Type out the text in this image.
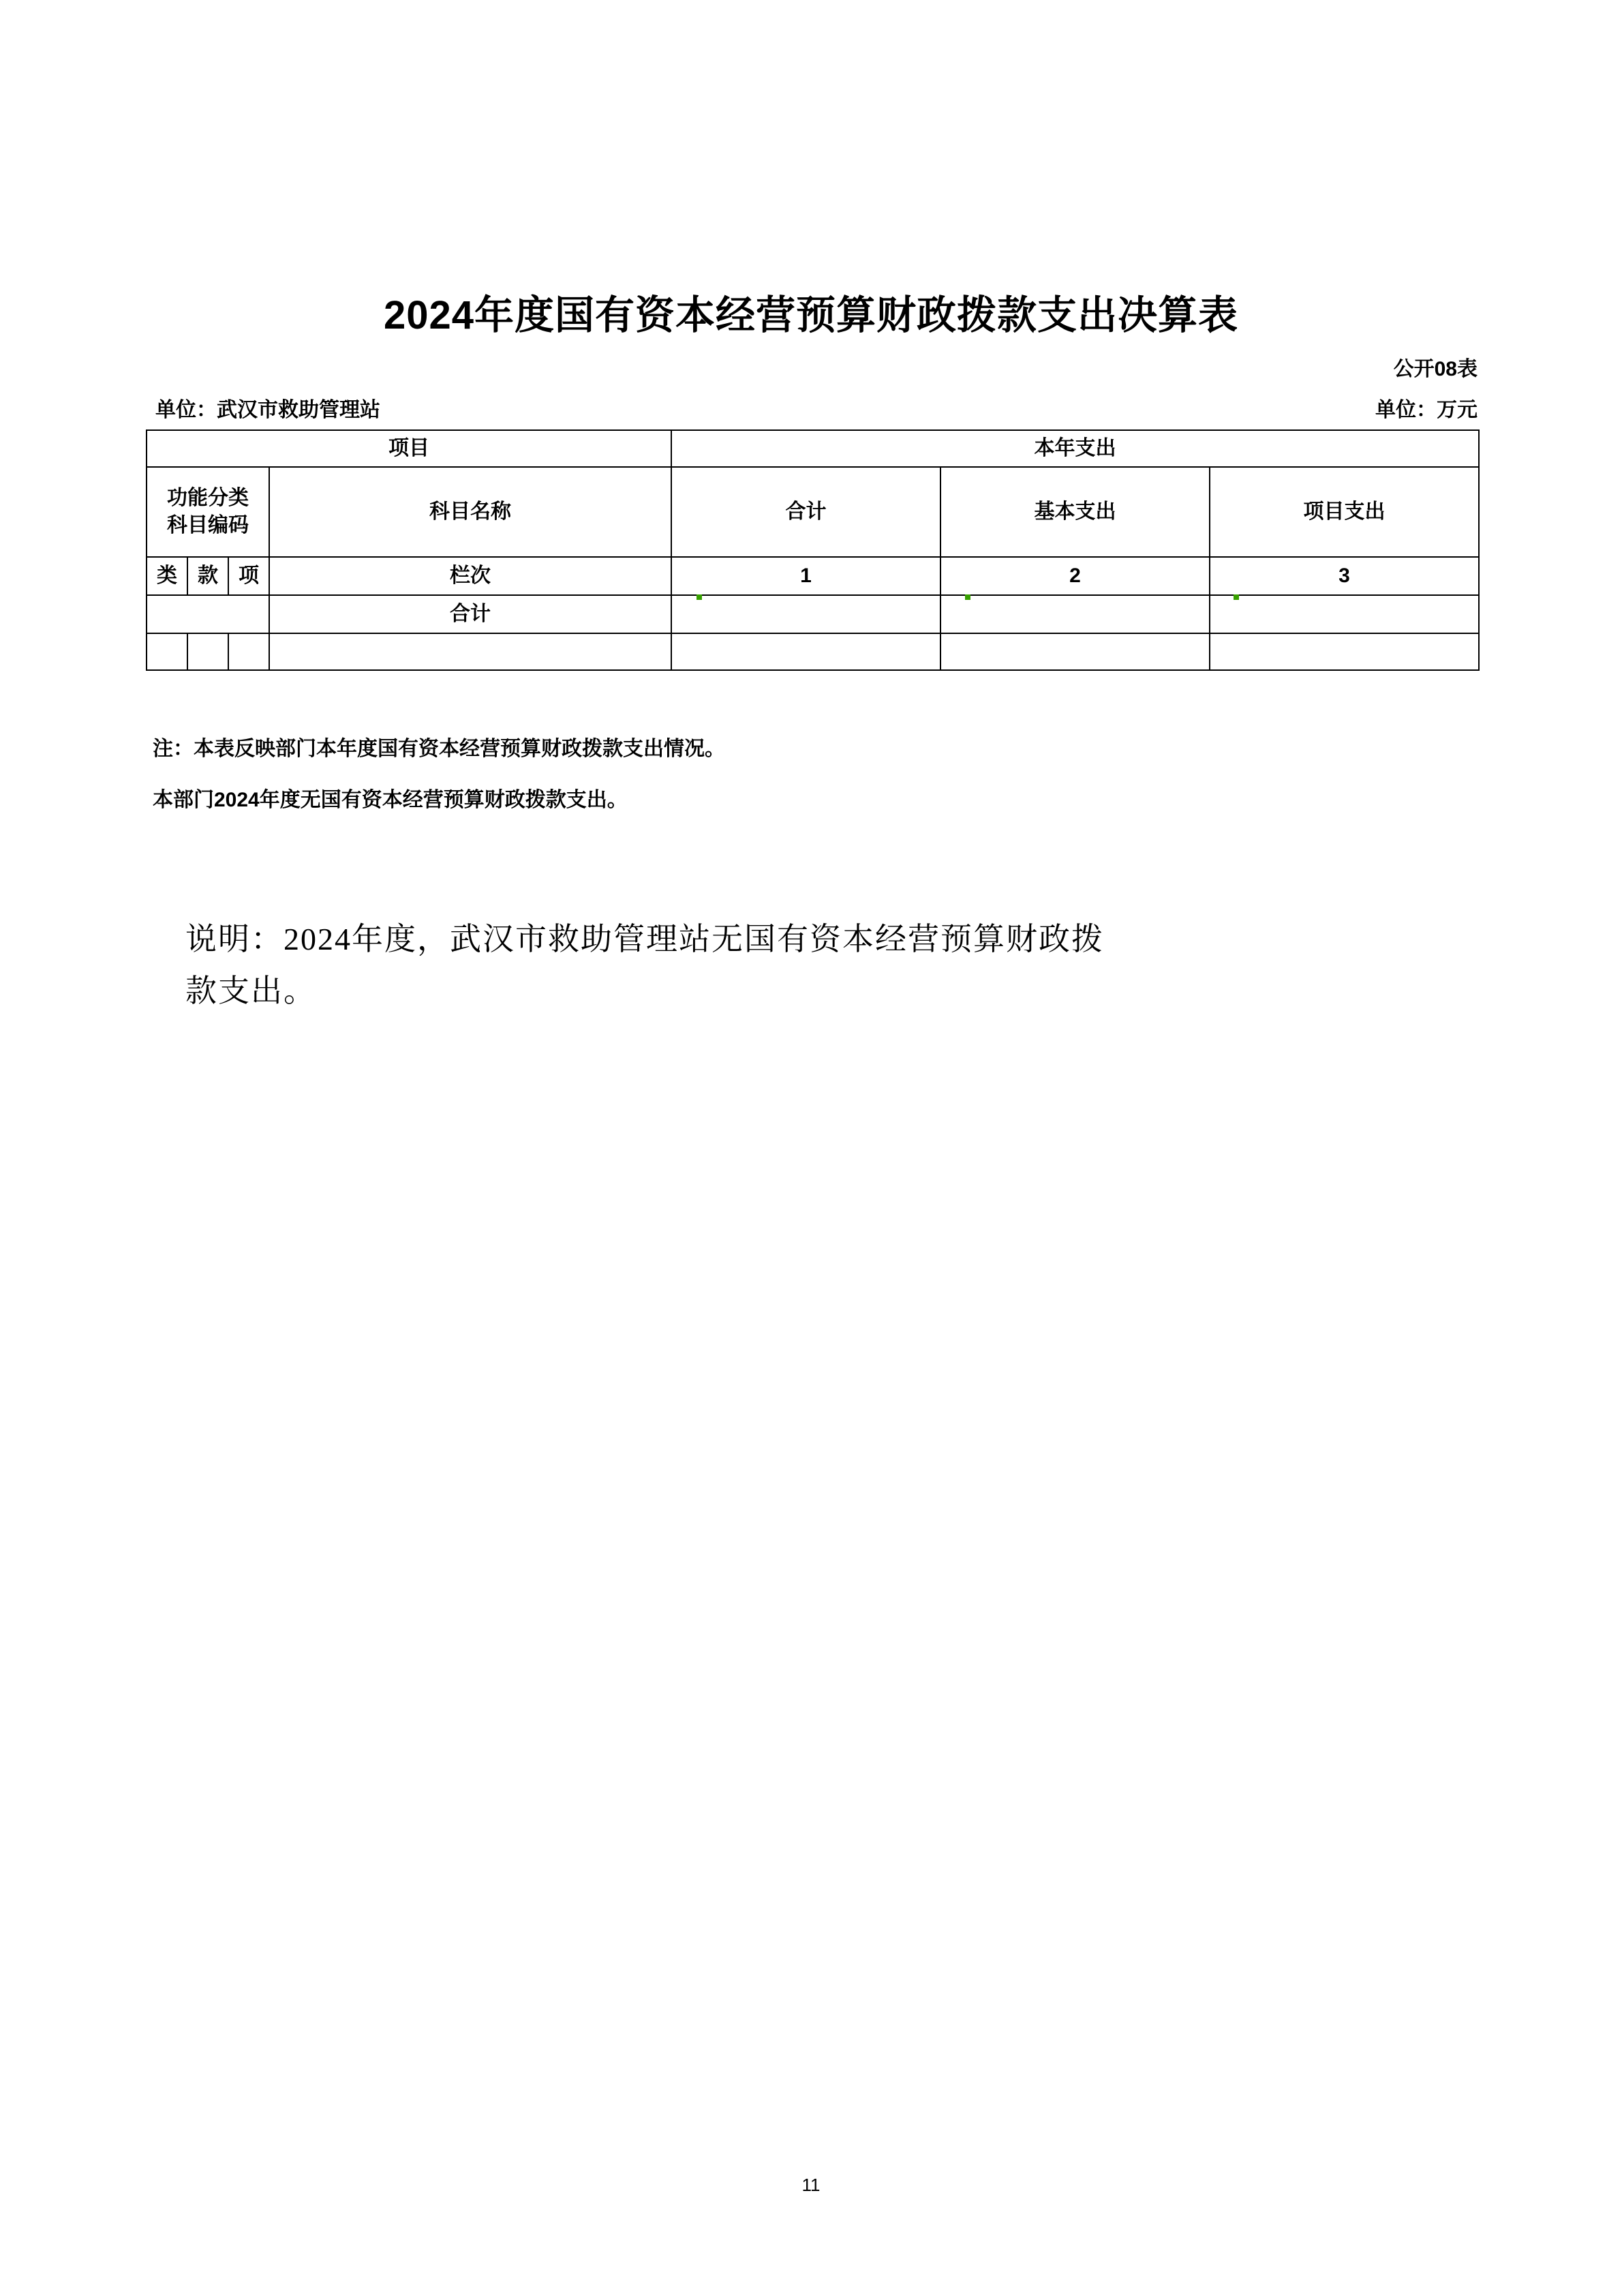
2024年度国有资本经营预算财政拨款支出决算表
公开08表
单位：武汉市救助管理站	单位：万元
项目				本年支出		
功能分类
科目编码			科目名称	合计	基本支出	项目支出
类	款	项	栏次	1	2	3
			合计			

注：本表反映部门本年度国有资本经营预算财政拨款支出情况。
本部门2024年度无国有资本经营预算财政拨款支出。
说明：2024年度，武汉市救助管理站无国有资本经营预算财政拨
款支出。
11
